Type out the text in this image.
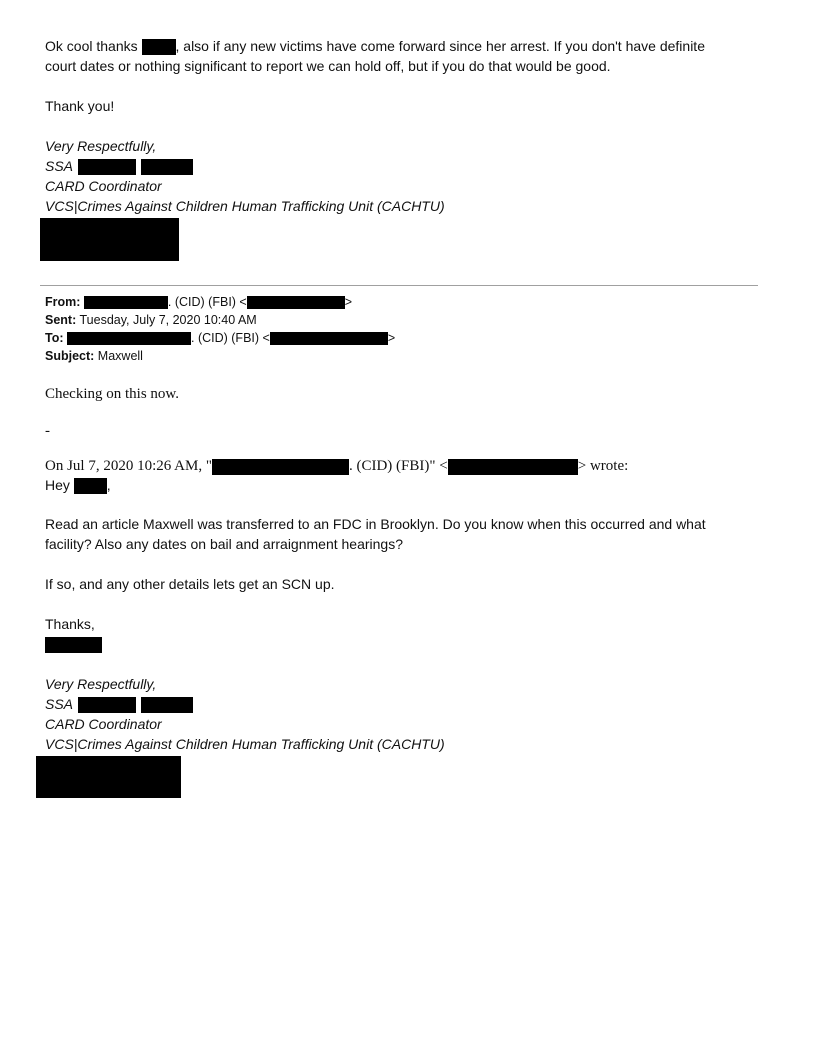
Ok cool thanks , also if any new victims have come forward since her arrest. If you don't have definite
court dates or nothing significant to report we can hold off, but if you do that would be good.
Thank you!
Very Respectfully,
SSA
CARD Coordinator
VCS|Crimes Against Children Human Trafficking Unit (CACHTU)
From:	. (CID) (FBI) <	>
Sent: Tuesday, July 7, 2020 10:40 AM
To:	. (CID) (FBI) <	>
Subject: Maxwell
Checking on this now.
-
On Jul 7, 2020 10:26 AM, "	. (CID) (FBI)" <	> wrote:
Hey ,
Read an article Maxwell was transferred to an FDC in Brooklyn. Do you know when this occurred and what
facility? Also any dates on bail and arraignment hearings?
If so, and any other details lets get an SCN up.
Thanks,
Very Respectfully,
SSA
CARD Coordinator
VCS|Crimes Against Children Human Trafficking Unit (CACHTU)
